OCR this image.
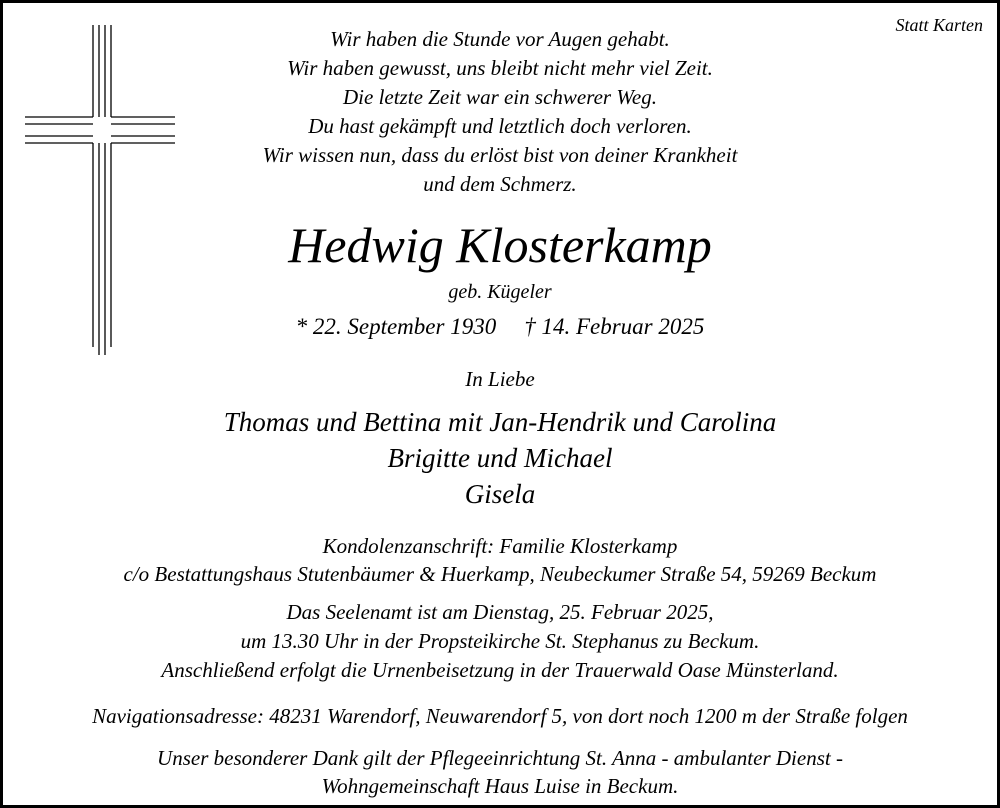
Statt Karten
Wir haben die Stunde vor Augen gehabt.
Wir haben gewusst, uns bleibt nicht mehr viel Zeit.
Die letzte Zeit war ein schwerer Weg.
Du hast gekämpft und letztlich doch verloren.
Wir wissen nun, dass du erlöst bist von deiner Krankheit
und dem Schmerz.
Hedwig Klosterkamp
geb. Kügeler
* 22. September 1930 † 14. Februar 2025
In Liebe
Thomas und Bettina mit Jan-Hendrik und Carolina
Brigitte und Michael
Gisela
Kondolenzanschrift: Familie Klosterkamp
c/o Bestattungshaus Stutenbäumer & Huerkamp, Neubeckumer Straße 54, 59269 Beckum
Das Seelenamt ist am Dienstag, 25. Februar 2025,
um 13.30 Uhr in der Propsteikirche St. Stephanus zu Beckum.
Anschließend erfolgt die Urnenbeisetzung in der Trauerwald Oase Münsterland.
Navigationsadresse: 48231 Warendorf, Neuwarendorf 5, von dort noch 1200 m der Straße folgen
Unser besonderer Dank gilt der Pflegeeinrichtung St. Anna - ambulanter Dienst -
Wohngemeinschaft Haus Luise in Beckum.
